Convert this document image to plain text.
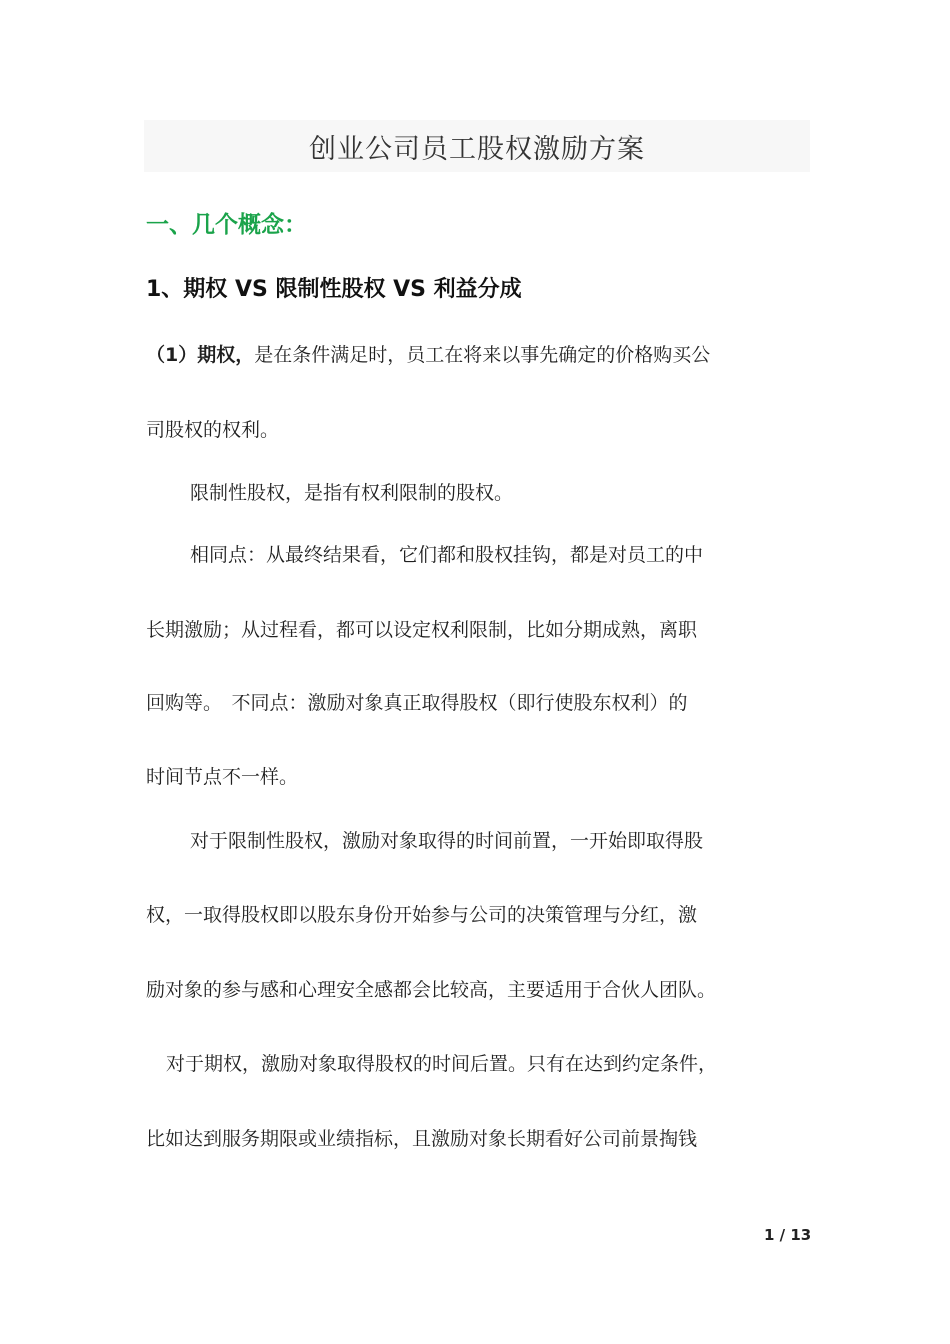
创业公司员工股权激励方案
一、几个概念：
1、期权 VS 限制性股权 VS 利益分成
（1）期权，是在条件满足时，员工在将来以事先确定的价格购买公
司股权的权利。
限制性股权，是指有权利限制的股权。
相同点：从最终结果看，它们都和股权挂钩，都是对员工的中
长期激励；从过程看，都可以设定权利限制，比如分期成熟，离职
回购等。　不同点：激励对象真正取得股权（即行使股东权利）的
时间节点不一样。
对于限制性股权，激励对象取得的时间前置，一开始即取得股
权，一取得股权即以股东身份开始参与公司的决策管理与分红，激
励对象的参与感和心理安全感都会比较高，主要适用于合伙人团队。
对于期权，激励对象取得股权的时间后置。只有在达到约定条件，
比如达到服务期限或业绩指标，且激励对象长期看好公司前景掏钱
1 / 13
